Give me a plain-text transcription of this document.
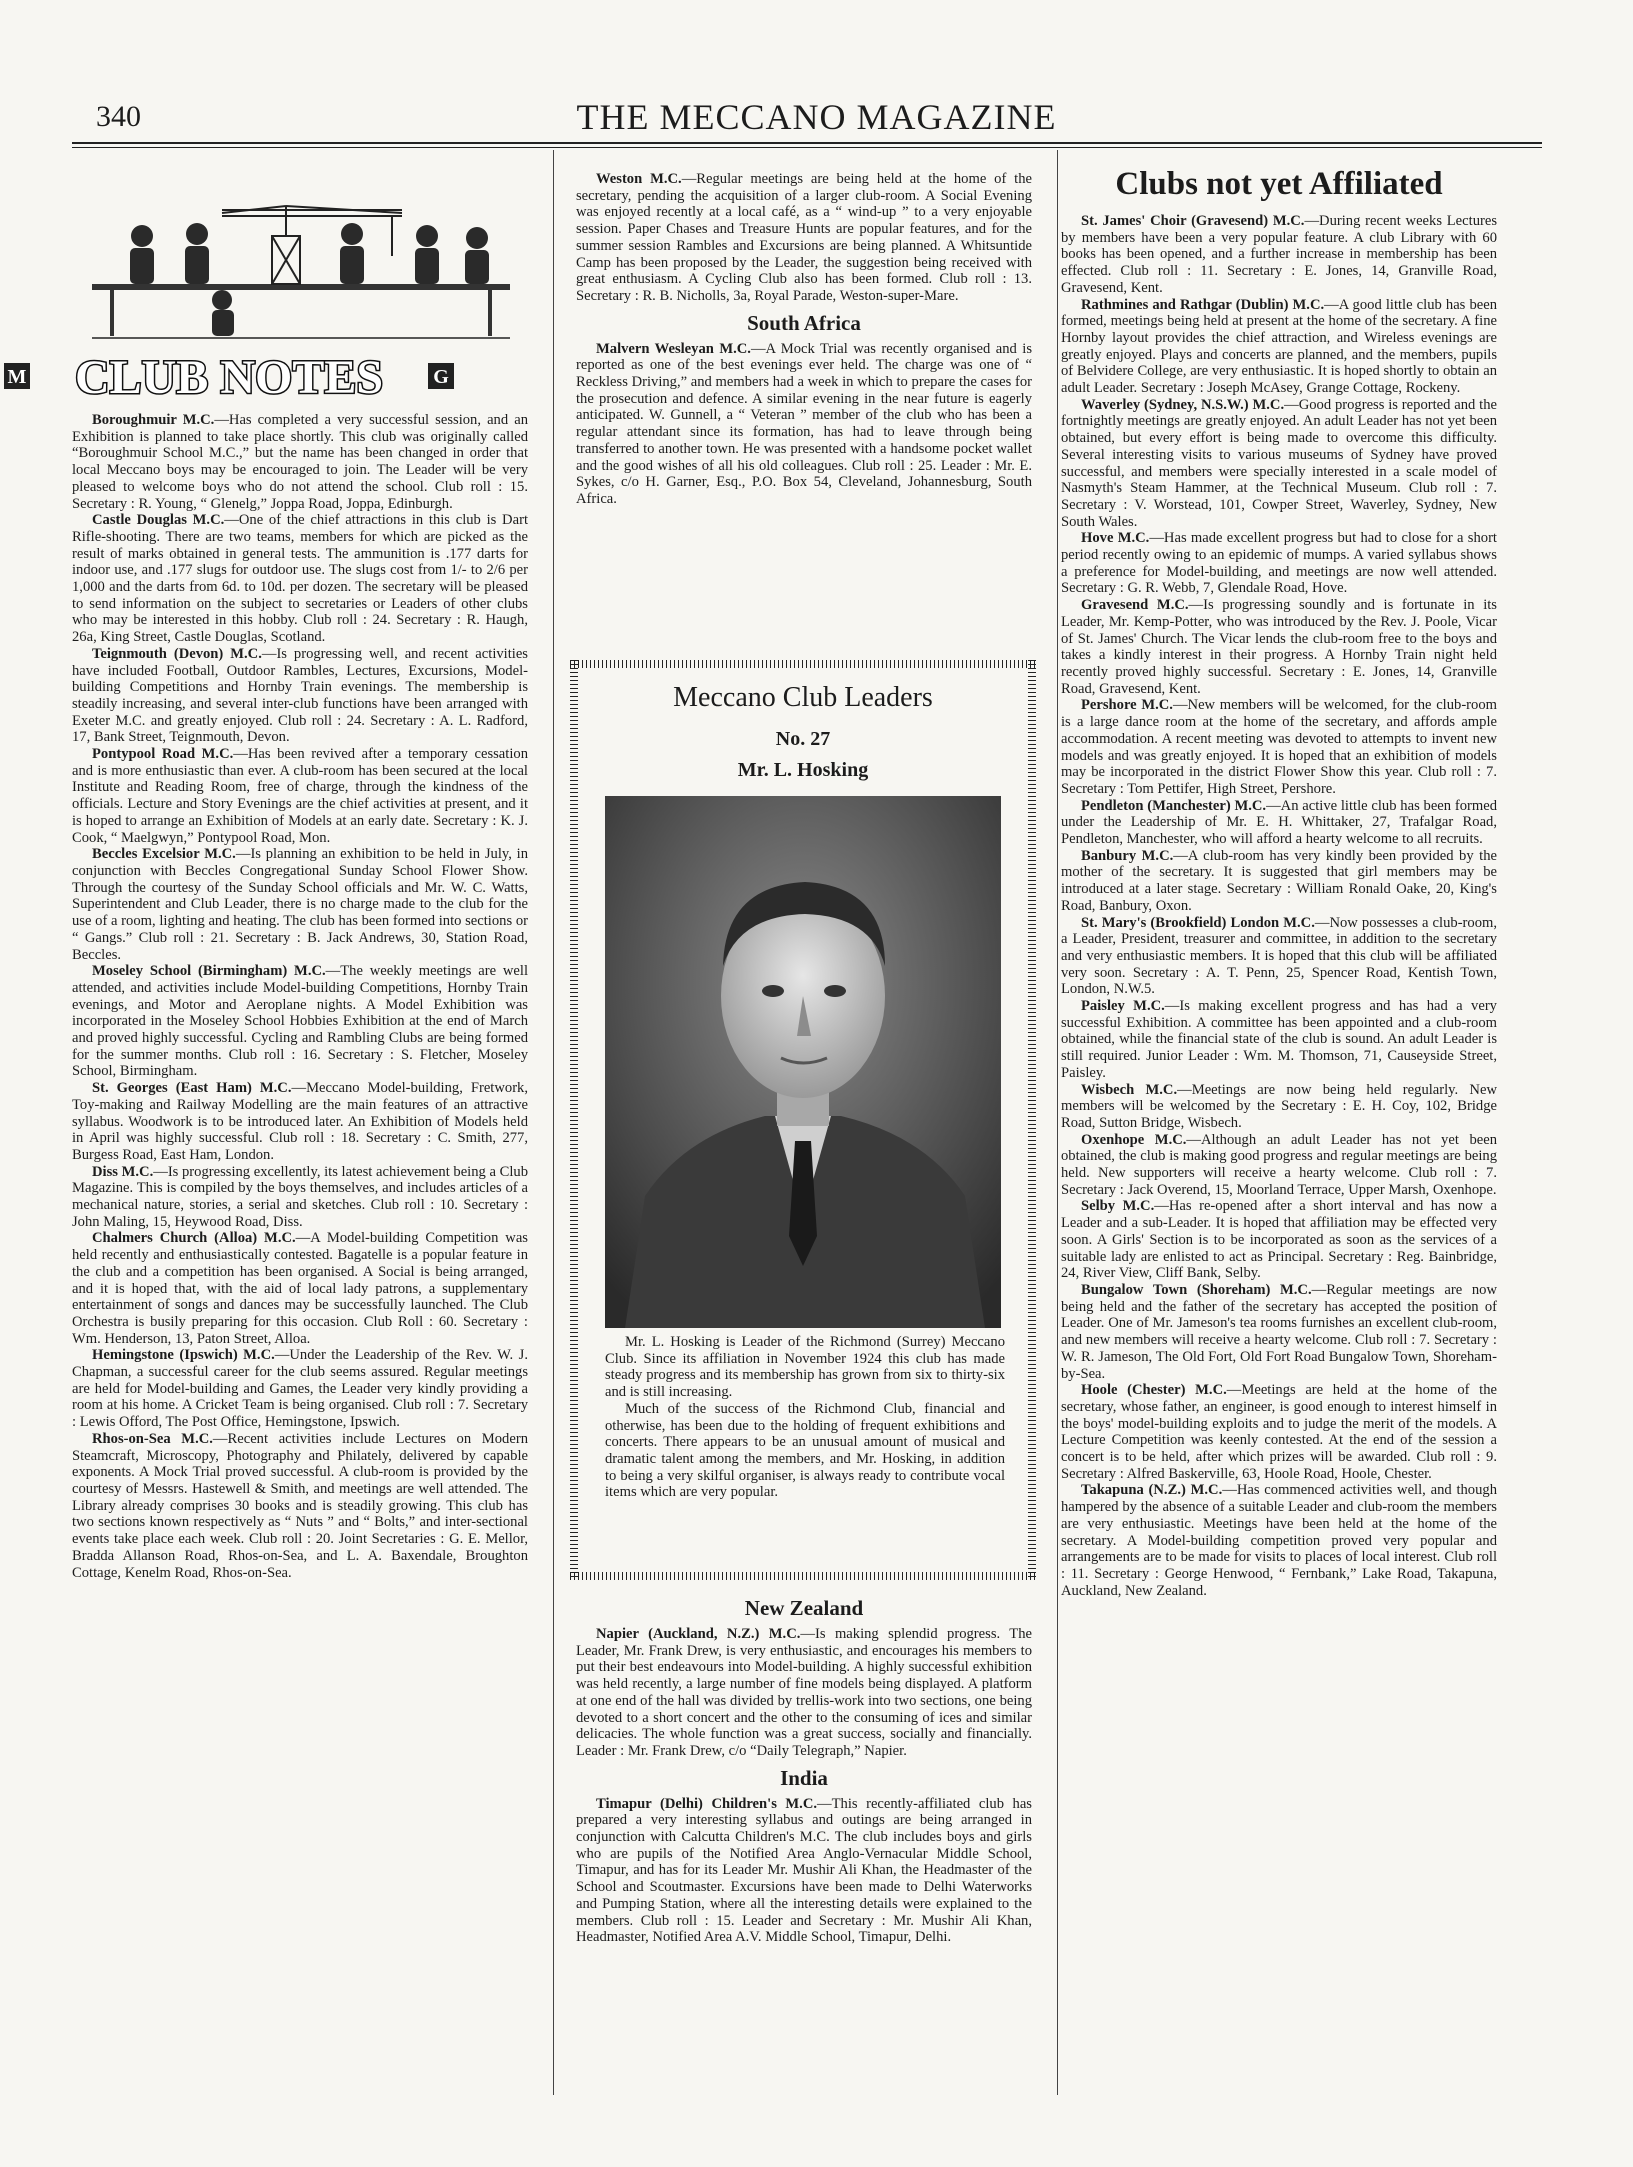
340	THE MECCANO MAGAZINE
M	G
CLUB NOTES

Boroughmuir M.C.—Has completed a very successful session, and an Exhibition is planned to take place shortly. This club was originally called “Boroughmuir School M.C.,” but the name has been changed in order that local Meccano boys may be encouraged to join. The Leader will be very pleased to welcome boys who do not attend the school. Club roll : 15. Secretary : R. Young, “ Glenelg,” Joppa Road, Joppa, Edinburgh.

Castle Douglas M.C.—One of the chief attractions in this club is Dart Rifle-shooting. There are two teams, members for which are picked as the result of marks obtained in general tests. The ammunition is .177 darts for indoor use, and .177 slugs for outdoor use. The slugs cost from 1/- to 2/6 per 1,000 and the darts from 6d. to 10d. per dozen. The secretary will be pleased to send information on the subject to secretaries or Leaders of other clubs who may be interested in this hobby. Club roll : 24. Secretary : R. Haugh, 26a, King Street, Castle Douglas, Scotland.

Teignmouth (Devon) M.C.—Is progressing well, and recent activities have included Football, Outdoor Rambles, Lectures, Excursions, Model-building Competitions and Hornby Train evenings. The membership is steadily increasing, and several inter-club functions have been arranged with Exeter M.C. and greatly enjoyed. Club roll : 24. Secretary : A. L. Radford, 17, Bank Street, Teignmouth, Devon.

Pontypool Road M.C.—Has been revived after a temporary cessation and is more enthusiastic than ever. A club-room has been secured at the local Institute and Reading Room, free of charge, through the kindness of the officials. Lecture and Story Evenings are the chief activities at present, and it is hoped to arrange an Exhibition of Models at an early date. Secretary : K. J. Cook, “ Maelgwyn,” Pontypool Road, Mon.

Beccles Excelsior M.C.—Is planning an exhibition to be held in July, in conjunction with Beccles Congregational Sunday School Flower Show. Through the courtesy of the Sunday School officials and Mr. W. C. Watts, Superintendent and Club Leader, there is no charge made to the club for the use of a room, lighting and heating. The club has been formed into sections or “ Gangs.” Club roll : 21. Secretary : B. Jack Andrews, 30, Station Road, Beccles.

Moseley School (Birmingham) M.C.—The weekly meetings are well attended, and activities include Model-building Competitions, Hornby Train evenings, and Motor and Aeroplane nights. A Model Exhibition was incorporated in the Moseley School Hobbies Exhibition at the end of March and proved highly successful. Cycling and Rambling Clubs are being formed for the summer months. Club roll : 16. Secretary : S. Fletcher, Moseley School, Birmingham.

St. Georges (East Ham) M.C.—Meccano Model-building, Fretwork, Toy-making and Railway Modelling are the main features of an attractive syllabus. Woodwork is to be introduced later. An Exhibition of Models held in April was highly successful. Club roll : 18. Secretary : C. Smith, 277, Burgess Road, East Ham, London.

Diss M.C.—Is progressing excellently, its latest achievement being a Club Magazine. This is compiled by the boys themselves, and includes articles of a mechanical nature, stories, a serial and sketches. Club roll : 10. Secretary : John Maling, 15, Heywood Road, Diss.

Chalmers Church (Alloa) M.C.—A Model-building Competition was held recently and enthusiastically contested. Bagatelle is a popular feature in the club and a competition has been organised. A Social is being arranged, and it is hoped that, with the aid of local lady patrons, a supplementary entertainment of songs and dances may be successfully launched. The Club Orchestra is busily preparing for this occasion. Club Roll : 60. Secretary : Wm. Henderson, 13, Paton Street, Alloa.

Hemingstone (Ipswich) M.C.—Under the Leadership of the Rev. W. J. Chapman, a successful career for the club seems assured. Regular meetings are held for Model-building and Games, the Leader very kindly providing a room at his home. A Cricket Team is being organised. Club roll : 7. Secretary : Lewis Offord, The Post Office, Hemingstone, Ipswich.

Rhos-on-Sea M.C.—Recent activities include Lectures on Modern Steamcraft, Microscopy, Photography and Philately, delivered by capable exponents. A Mock Trial proved successful. A club-room is provided by the courtesy of Messrs. Hastewell & Smith, and meetings are well attended. The Library already comprises 30 books and is steadily growing. This club has two sections known respectively as “ Nuts ” and “ Bolts,” and inter-sectional events take place each week. Club roll : 20. Joint Secretaries : G. E. Mellor, Bradda Allanson Road, Rhos-on-Sea, and L. A. Baxendale, Broughton Cottage, Kenelm Road, Rhos-on-Sea.

Weston M.C.—Regular meetings are being held at the home of the secretary, pending the acquisition of a larger club-room. A Social Evening was enjoyed recently at a local café, as a “ wind-up ” to a very enjoyable session. Paper Chases and Treasure Hunts are popular features, and for the summer session Rambles and Excursions are being planned. A Whitsuntide Camp has been proposed by the Leader, the suggestion being received with great enthusiasm. A Cycling Club also has been formed. Club roll : 13. Secretary : R. B. Nicholls, 3a, Royal Parade, Weston-super-Mare.

South Africa

Malvern Wesleyan M.C.—A Mock Trial was recently organised and is reported as one of the best evenings ever held. The charge was one of “ Reckless Driving,” and members had a week in which to prepare the cases for the prosecution and defence. A similar evening in the near future is eagerly anticipated. W. Gunnell, a “ Veteran ” member of the club who has been a regular attendant since its formation, has had to leave through being transferred to another town. He was presented with a handsome pocket wallet and the good wishes of all his old colleagues. Club roll : 25. Leader : Mr. E. Sykes, c/o H. Garner, Esq., P.O. Box 54, Cleveland, Johannesburg, South Africa.

Meccano Club Leaders
No. 27
Mr. L. Hosking

Mr. L. Hosking is Leader of the Richmond (Surrey) Meccano Club. Since its affiliation in November 1924 this club has made steady progress and its membership has grown from six to thirty-six and is still increasing.

Much of the success of the Richmond Club, financial and otherwise, has been due to the holding of frequent exhibitions and concerts. There appears to be an unusual amount of musical and dramatic talent among the members, and Mr. Hosking, in addition to being a very skilful organiser, is always ready to contribute vocal items which are very popular.

New Zealand

Napier (Auckland, N.Z.) M.C.—Is making splendid progress. The Leader, Mr. Frank Drew, is very enthusiastic, and encourages his members to put their best endeavours into Model-building. A highly successful exhibition was held recently, a large number of fine models being displayed. A platform at one end of the hall was divided by trellis-work into two sections, one being devoted to a short concert and the other to the consuming of ices and similar delicacies. The whole function was a great success, socially and financially. Leader : Mr. Frank Drew, c/o “Daily Telegraph,” Napier.

India

Timapur (Delhi) Children's M.C.—This recently-affiliated club has prepared a very interesting syllabus and outings are being arranged in conjunction with Calcutta Children's M.C. The club includes boys and girls who are pupils of the Notified Area Anglo-Vernacular Middle School, Timapur, and has for its Leader Mr. Mushir Ali Khan, the Headmaster of the School and Scoutmaster. Excursions have been made to Delhi Waterworks and Pumping Station, where all the interesting details were explained to the members. Club roll : 15. Leader and Secretary : Mr. Mushir Ali Khan, Headmaster, Notified Area A.V. Middle School, Timapur, Delhi.

Clubs not yet Affiliated

St. James' Choir (Gravesend) M.C.—During recent weeks Lectures by members have been a very popular feature. A club Library with 60 books has been opened, and a further increase in membership has been effected. Club roll : 11. Secretary : E. Jones, 14, Granville Road, Gravesend, Kent.

Rathmines and Rathgar (Dublin) M.C.—A good little club has been formed, meetings being held at present at the home of the secretary. A fine Hornby layout provides the chief attraction, and Wireless evenings are greatly enjoyed. Plays and concerts are planned, and the members, pupils of Belvidere College, are very enthusiastic. It is hoped shortly to obtain an adult Leader. Secretary : Joseph McAsey, Grange Cottage, Rockeny.

Waverley (Sydney, N.S.W.) M.C.—Good progress is reported and the fortnightly meetings are greatly enjoyed. An adult Leader has not yet been obtained, but every effort is being made to overcome this difficulty. Several interesting visits to various museums of Sydney have proved successful, and members were specially interested in a scale model of Nasmyth's Steam Hammer, at the Technical Museum. Club roll : 7. Secretary : V. Worstead, 101, Cowper Street, Waverley, Sydney, New South Wales.

Hove M.C.—Has made excellent progress but had to close for a short period recently owing to an epidemic of mumps. A varied syllabus shows a preference for Model-building, and meetings are now well attended. Secretary : G. R. Webb, 7, Glendale Road, Hove.

Gravesend M.C.—Is progressing soundly and is fortunate in its Leader, Mr. Kemp-Potter, who was introduced by the Rev. J. Poole, Vicar of St. James' Church. The Vicar lends the club-room free to the boys and takes a kindly interest in their progress. A Hornby Train night held recently proved highly successful. Secretary : E. Jones, 14, Granville Road, Gravesend, Kent.

Pershore M.C.—New members will be welcomed, for the club-room is a large dance room at the home of the secretary, and affords ample accommodation. A recent meeting was devoted to attempts to invent new models and was greatly enjoyed. It is hoped that an exhibition of models may be incorporated in the district Flower Show this year. Club roll : 7. Secretary : Tom Pettifer, High Street, Pershore.

Pendleton (Manchester) M.C.—An active little club has been formed under the Leadership of Mr. E. H. Whittaker, 27, Trafalgar Road, Pendleton, Manchester, who will afford a hearty welcome to all recruits.

Banbury M.C.—A club-room has very kindly been provided by the mother of the secretary. It is suggested that girl members may be introduced at a later stage. Secretary : William Ronald Oake, 20, King's Road, Banbury, Oxon.

St. Mary's (Brookfield) London M.C.—Now possesses a club-room, a Leader, President, treasurer and committee, in addition to the secretary and very enthusiastic members. It is hoped that this club will be affiliated very soon. Secretary : A. T. Penn, 25, Spencer Road, Kentish Town, London, N.W.5.

Paisley M.C.—Is making excellent progress and has had a very successful Exhibition. A committee has been appointed and a club-room obtained, while the financial state of the club is sound. An adult Leader is still required. Junior Leader : Wm. M. Thomson, 71, Causeyside Street, Paisley.

Wisbech M.C.—Meetings are now being held regularly. New members will be welcomed by the Secretary : E. H. Coy, 102, Bridge Road, Sutton Bridge, Wisbech.

Oxenhope M.C.—Although an adult Leader has not yet been obtained, the club is making good progress and regular meetings are being held. New supporters will receive a hearty welcome. Club roll : 7. Secretary : Jack Overend, 15, Moorland Terrace, Upper Marsh, Oxenhope.

Selby M.C.—Has re-opened after a short interval and has now a Leader and a sub-Leader. It is hoped that affiliation may be effected very soon. A Girls' Section is to be incorporated as soon as the services of a suitable lady are enlisted to act as Principal. Secretary : Reg. Bainbridge, 24, River View, Cliff Bank, Selby.

Bungalow Town (Shoreham) M.C.—Regular meetings are now being held and the father of the secretary has accepted the position of Leader. One of Mr. Jameson's tea rooms furnishes an excellent club-room, and new members will receive a hearty welcome. Club roll : 7. Secretary : W. R. Jameson, The Old Fort, Old Fort Road Bungalow Town, Shoreham-by-Sea.

Hoole (Chester) M.C.—Meetings are held at the home of the secretary, whose father, an engineer, is good enough to interest himself in the boys' model-building exploits and to judge the merit of the models. A Lecture Competition was keenly contested. At the end of the session a concert is to be held, after which prizes will be awarded. Club roll : 9. Secretary : Alfred Baskerville, 63, Hoole Road, Hoole, Chester.

Takapuna (N.Z.) M.C.—Has commenced activities well, and though hampered by the absence of a suitable Leader and club-room the members are very enthusiastic. Meetings have been held at the home of the secretary. A Model-building competition proved very popular and arrangements are to be made for visits to places of local interest. Club roll : 11. Secretary : George Henwood, “ Fernbank,” Lake Road, Takapuna, Auckland, New Zealand.
